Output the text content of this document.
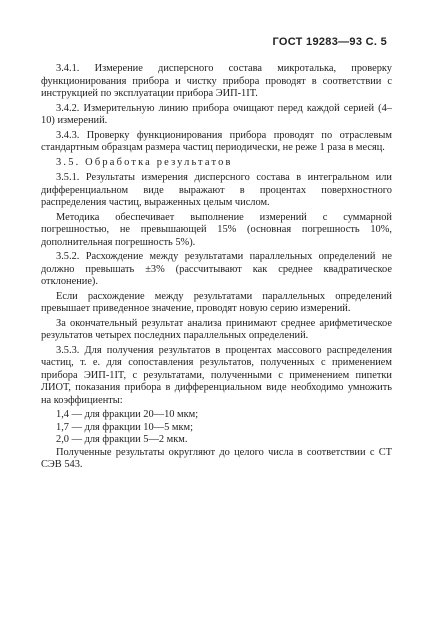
ГОСТ 19283—93 С. 5

3.4.1. Измерение дисперсного состава микроталька, проверку функционирования прибора и чистку прибора проводят в соответствии с инструкцией по эксплуатации прибора ЭИП-1IT.

3.4.2. Измерительную линию прибора очищают перед каждой серией (4–10) измерений.

3.4.3. Проверку функционирования прибора проводят по отраслевым стандартным образцам размера частиц периодически, не реже 1 раза в месяц.

3.5. Обработка результатов

3.5.1. Результаты измерения дисперсного состава в интегральном или дифференциальном виде выражают в процентах поверхностного распределения частиц, выраженных целым числом.

Методика обеспечивает выполнение измерений с суммарной погрешностью, не превышающей 15% (основная погрешность 10%, дополнительная погрешность 5%).

3.5.2. Расхождение между результатами параллельных определений не должно превышать ±3% (рассчитывают как среднее квадратическое отклонение).

Если расхождение между результатами параллельных определений превышает приведенное значение, проводят новую серию измерений.

За окончательный результат анализа принимают среднее арифметическое результатов четырех последних параллельных определений.

3.5.3. Для получения результатов в процентах массового распределения частиц, т. е. для сопоставления результатов, полученных с применением прибора ЭИП-1IT, с результатами, полученными с применением пипетки ЛИОТ, показания прибора в дифференциальном виде необходимо умножить на коэффициенты:

1,4 — для фракции 20—10 мкм;

1,7 — для фракции 10—5 мкм;

2,0 — для фракции 5—2 мкм.

Полученные результаты округляют до целого числа в соответствии с СТ СЭВ 543.
